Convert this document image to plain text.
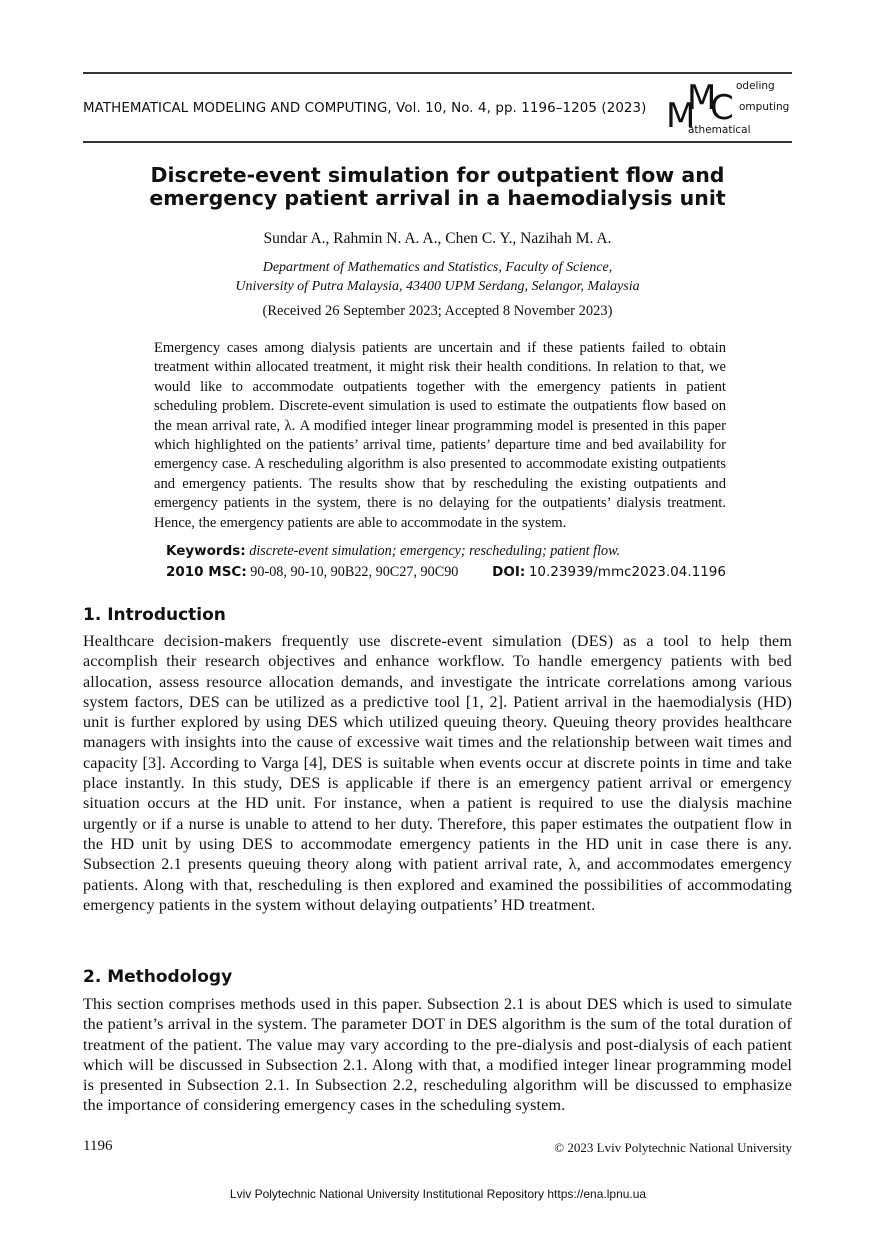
MATHEMATICAL MODELING AND COMPUTING, Vol. 10, No. 4, pp. 1196–1205 (2023) M
M
C
odeling
omputing
athematical
Discrete-event simulation for outpatient flow and emergency patient arrival in a haemodialysis unit
Sundar A., Rahmin N. A. A., Chen C. Y., Nazihah M. A.
Department of Mathematics and Statistics, Faculty of Science,
University of Putra Malaysia, 43400 UPM Serdang, Selangor, Malaysia
(Received 26 September 2023; Accepted 8 November 2023)
Emergency cases among dialysis patients are uncertain and if these patients failed to obtain treatment within allocated treatment, it might risk their health conditions. In relation to that, we would like to accommodate outpatients together with the emergency patients in patient scheduling problem. Discrete-event simulation is used to estimate the outpatients flow based on the mean arrival rate, λ. A modified integer linear programming model is presented in this paper which highlighted on the patients’ arrival time, patients’ departure time and bed availability for emergency case. A rescheduling algorithm is also presented to accommodate existing outpatients and emergency patients. The results show that by rescheduling the existing outpatients and emergency patients in the system, there is no delaying for the outpatients’ dialysis treatment. Hence, the emergency patients are able to accommodate in the system.
Keywords: discrete-event simulation; emergency; rescheduling; patient flow.
2010 MSC: 90-08, 90-10, 90B22, 90C27, 90C90	DOI: 10.23939/mmc2023.04.1196
1. Introduction
Healthcare decision-makers frequently use discrete-event simulation (DES) as a tool to help them accomplish their research objectives and enhance workflow. To handle emergency patients with bed allocation, assess resource allocation demands, and investigate the intricate correlations among various system factors, DES can be utilized as a predictive tool [1, 2]. Patient arrival in the haemodialysis (HD) unit is further explored by using DES which utilized queuing theory. Queuing theory provides healthcare managers with insights into the cause of excessive wait times and the relationship between wait times and capacity [3]. According to Varga [4], DES is suitable when events occur at discrete points in time and take place instantly. In this study, DES is applicable if there is an emergency patient arrival or emergency situation occurs at the HD unit. For instance, when a patient is required to use the dialysis machine urgently or if a nurse is unable to attend to her duty. Therefore, this paper estimates the outpatient flow in the HD unit by using DES to accommodate emergency patients in the HD unit in case there is any. Subsection 2.1 presents queuing theory along with patient arrival rate, λ, and accommodates emergency patients. Along with that, rescheduling is then explored and examined the possibilities of accommodating emergency patients in the system without delaying outpatients’ HD treatment.
2. Methodology
This section comprises methods used in this paper. Subsection 2.1 is about DES which is used to simulate the patient’s arrival in the system. The parameter DOT in DES algorithm is the sum of the total duration of treatment of the patient. The value may vary according to the pre-dialysis and post-dialysis of each patient which will be discussed in Subsection 2.1. Along with that, a modified integer linear programming model is presented in Subsection 2.1. In Subsection 2.2, rescheduling algorithm will be discussed to emphasize the importance of considering emergency cases in the scheduling system.
1196	© 2023 Lviv Polytechnic National University
Lviv Polytechnic National University Institutional Repository https://ena.lpnu.ua
